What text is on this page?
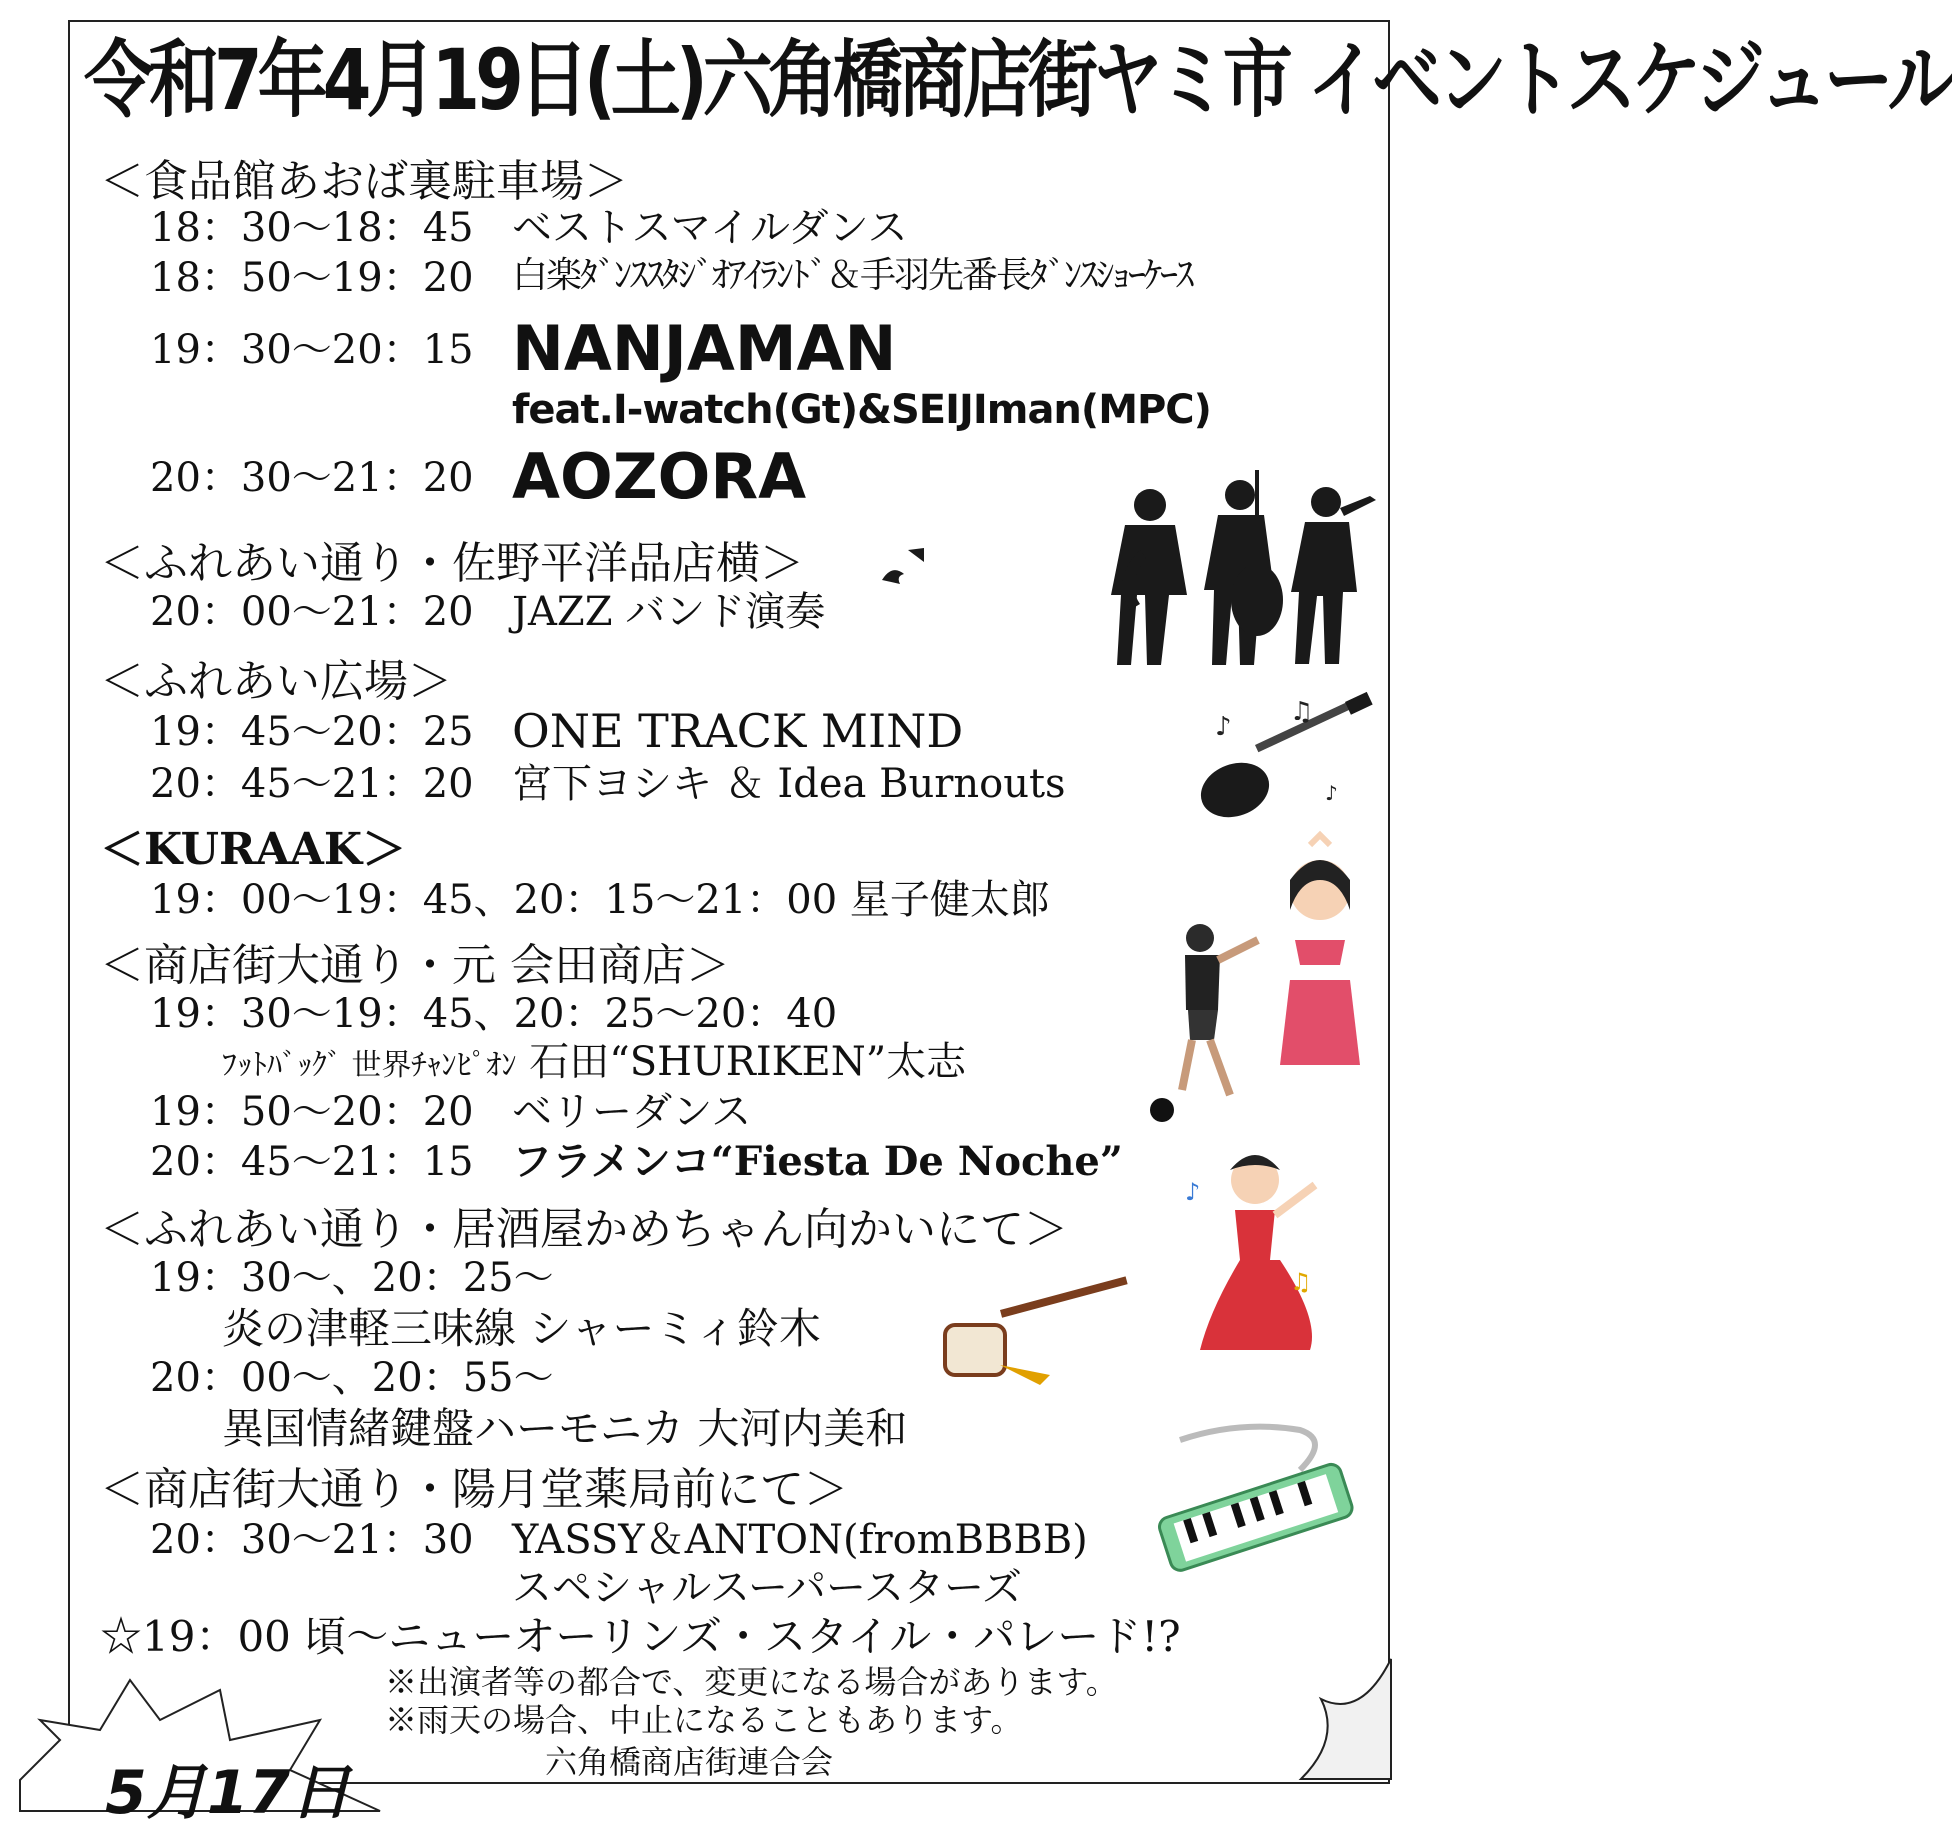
令和7年4月19日(土)六角橋商店街ヤミ市 イベントスケジュール
＜食品館あおば裏駐車場＞
18：30〜18：45 ベストスマイルダンス
18：50〜19：20 白楽ﾀﾞﾝｽｽﾀｼﾞｵｱｲﾗﾝﾄﾞ＆手羽先番長ﾀﾞﾝｽｼｮｰｹｰｽ
19：30〜20：15 NANJAMAN
feat.I-watch(Gt)&SEIJIman(MPC)
20：30〜21：20 AOZORA
＜ふれあい通り・佐野平洋品店横＞
20：00〜21：20 JAZZ バンド演奏
＜ふれあい広場＞
19：45〜20：25 ONE TRACK MIND
20：45〜21：20 宮下ヨシキ ＆ Idea Burnouts
＜KURAAK＞
19：00〜19：45、20：15〜21：00 星子健太郎
＜商店街大通り・元 会田商店＞
19：30〜19：45、20：25〜20：40
ﾌｯﾄﾊﾞｯｸﾞ 世界ﾁｬﾝﾋﾟｵﾝ 石田“SHURIKEN”太志
19：50〜20：20 ベリーダンス
20：45〜21：15 フラメンコ“Fiesta De Noche”
＜ふれあい通り・居酒屋かめちゃん向かいにて＞
19：30〜、20：25〜
炎の津軽三味線 シャーミィ鈴木
20：00〜、20：55〜
異国情緒鍵盤ハーモニカ 大河内美和
＜商店街大通り・陽月堂薬局前にて＞
20：30〜21：30 YASSY＆ANTON(fromBBBB)
スペシャルスーパースターズ
☆19：00 頃〜ニューオーリンズ・スタイル・パレード!?
※出演者等の都合で、変更になる場合があります。
※雨天の場合、中止になることもあります。
六角橋商店街連合会
♪ ♫
♪
♪
♫
5月17日
